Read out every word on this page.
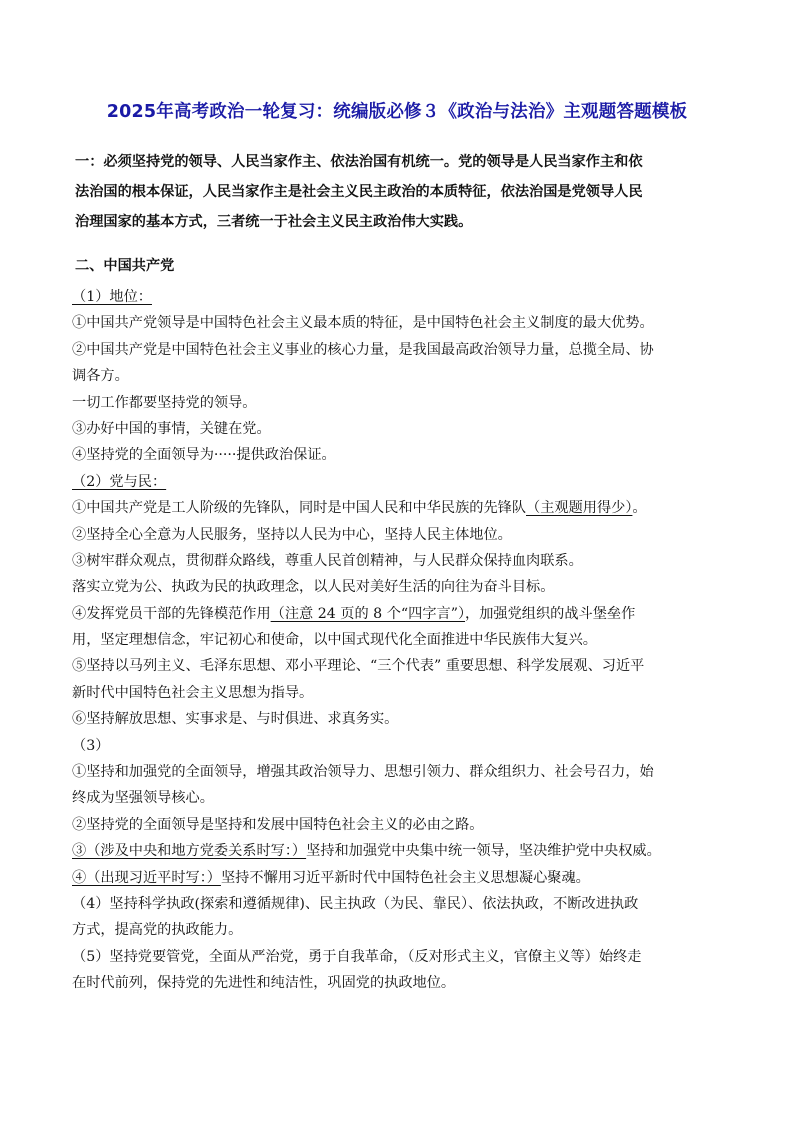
2025年高考政治一轮复习：统编版必修３《政治与法治》主观题答题模板
一：必须坚持党的领导、人民当家作主、依法治国有机统一。党的领导是人民当家作主和依
法治国的根本保证，人民当家作主是社会主义民主政治的本质特征，依法治国是党领导人民
治理国家的基本方式，三者统一于社会主义民主政治伟大实践。
二、中国共产党
（1）地位：
①中国共产党领导是中国特色社会主义最本质的特征，是中国特色社会主义制度的最大优势。
②中国共产党是中国特色社会主义事业的核心力量，是我国最高政治领导力量，总揽全局、协
调各方。
一切工作都要坚持党的领导。
③办好中国的事情，关键在党。
④坚持党的全面领导为·····提供政治保证。
（2）党与民：
①中国共产党是工人阶级的先锋队，同时是中国人民和中华民族的先锋队（主观题用得少）。
②坚持全心全意为人民服务，坚持以人民为中心，坚持人民主体地位。
③树牢群众观点，贯彻群众路线，尊重人民首创精神，与人民群众保持血肉联系。
落实立党为公、执政为民的执政理念，以人民对美好生活的向往为奋斗目标。
④发挥党员干部的先锋模范作用（注意 24 页的 8 个“四字言”），加强党组织的战斗堡垒作
用，坚定理想信念，牢记初心和使命，以中国式现代化全面推进中华民族伟大复兴。
⑤坚持以马列主义、毛泽东思想、邓小平理论、“三个代表” 重要思想、科学发展观、习近平
新时代中国特色社会主义思想为指导。
⑥坚持解放思想、实事求是、与时俱进、求真务实。
（3）
①坚持和加强党的全面领导，增强其政治领导力、思想引领力、群众组织力、社会号召力，始
终成为坚强领导核心。
②坚持党的全面领导是坚持和发展中国特色社会主义的必由之路。
③（涉及中央和地方党委关系时写：）坚持和加强党中央集中统一领导，坚决维护党中央权威。
④（出现习近平时写：）坚持不懈用习近平新时代中国特色社会主义思想凝心聚魂。
（4）坚持科学执政(探索和遵循规律)、民主执政（为民、靠民）、依法执政，不断改进执政
方式，提高党的执政能力。
（5）坚持党要管党，全面从严治党，勇于自我革命，（反对形式主义，官僚主义等）始终走
在时代前列，保持党的先进性和纯洁性，巩固党的执政地位。
